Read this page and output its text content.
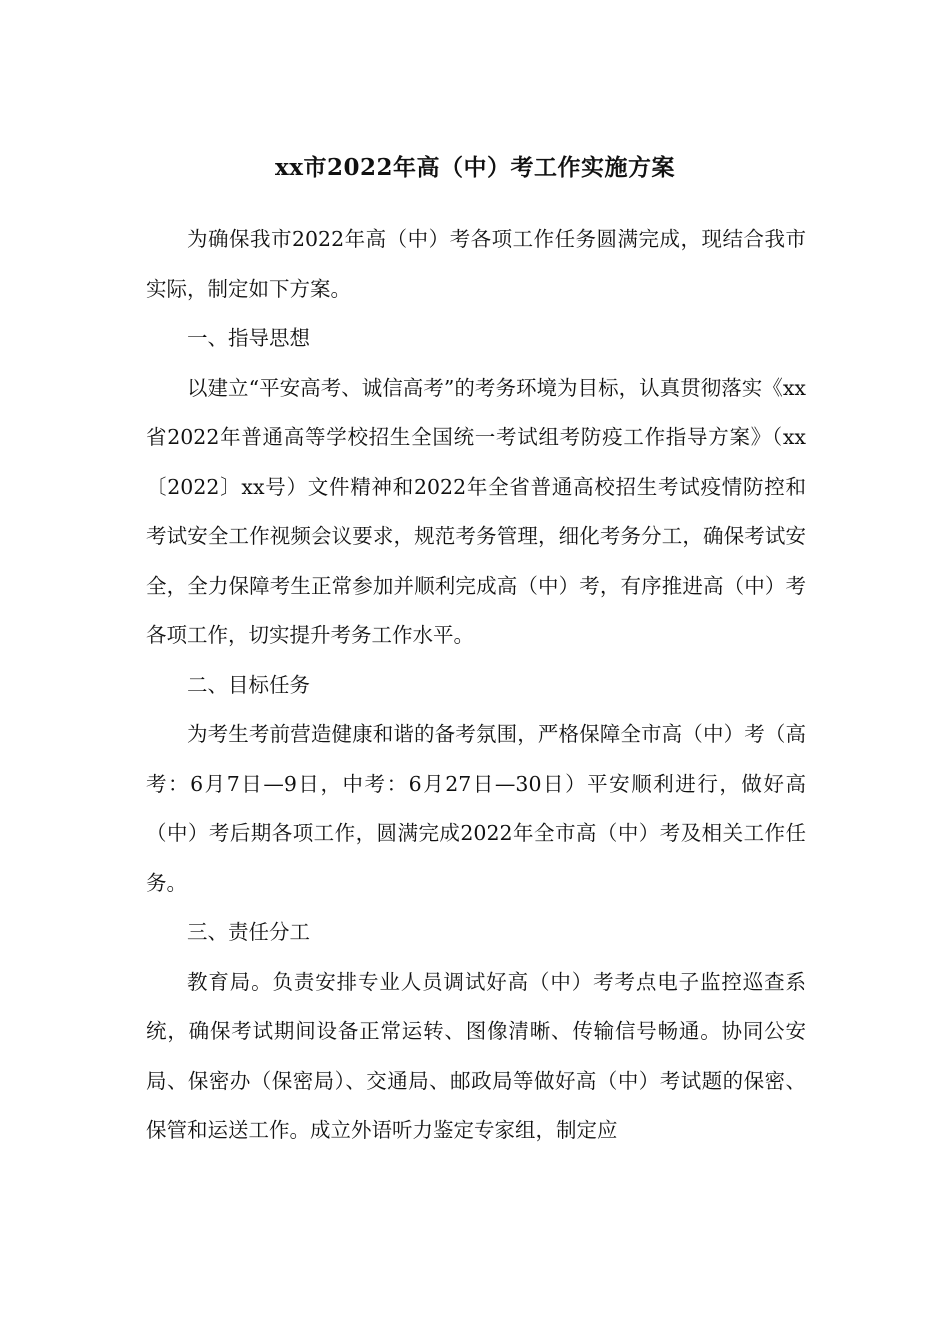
xx市2022年高（中）考工作实施方案

为确保我市2022年高（中）考各项工作任务圆满完成，现结合我市实际，制定如下方案。

一、指导思想

以建立“平安高考、诚信高考”的考务环境为目标，认真贯彻落实《xx省2022年普通高等学校招生全国统一考试组考防疫工作指导方案》（xx〔2022〕xx号）文件精神和2022年全省普通高校招生考试疫情防控和考试安全工作视频会议要求，规范考务管理，细化考务分工，确保考试安全，全力保障考生正常参加并顺利完成高（中）考，有序推进高（中）考各项工作，切实提升考务工作水平。

二、目标任务

为考生考前营造健康和谐的备考氛围，严格保障全市高（中）考（高考：6月7日—9日，中考：6月27日—30日）平安顺利进行，做好高（中）考后期各项工作，圆满完成2022年全市高（中）考及相关工作任务。

三、责任分工

教育局。负责安排专业人员调试好高（中）考考点电子监控巡查系统，确保考试期间设备正常运转、图像清晰、传输信号畅通。协同公安局、保密办（保密局）、交通局、邮政局等做好高（中）考试题的保密、保管和运送工作。成立外语听力鉴定专家组，制定应
